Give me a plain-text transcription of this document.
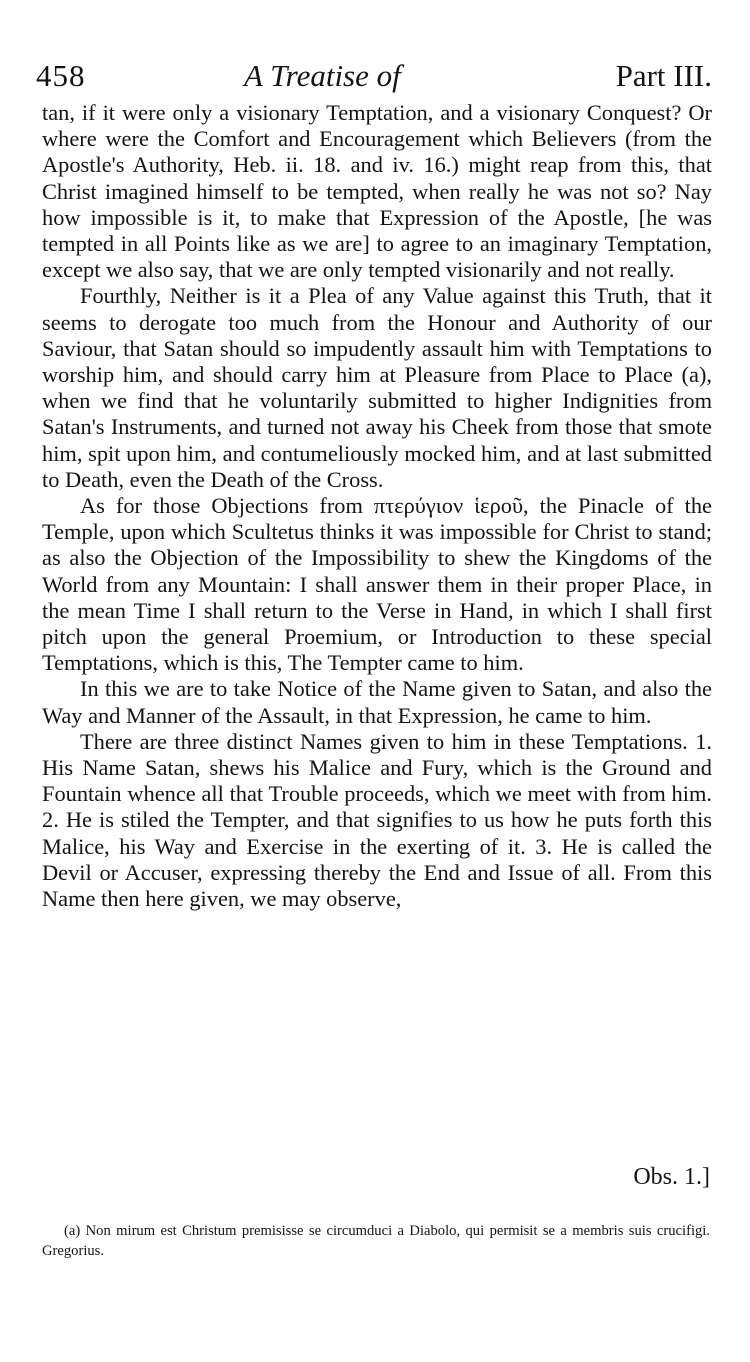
458	A Treatise of	Part III.

tan, if it were only a visionary Temptation, and a visionary Conquest? Or where were the Comfort and Encouragement which Believers (from the Apostle's Authority, Heb. ii. 18. and iv. 16.) might reap from this, that Christ imagined himself to be tempted, when really he was not so? Nay how impossible is it, to make that Expression of the Apostle, [he was tempted in all Points like as we are] to agree to an imaginary Temptation, except we also say, that we are only tempted visionarily and not really.

Fourthly, Neither is it a Plea of any Value against this Truth, that it seems to derogate too much from the Honour and Authority of our Saviour, that Satan should so impudently assault him with Temptations to worship him, and should carry him at Pleasure from Place to Place (a), when we find that he voluntarily submitted to higher Indignities from Satan's Instruments, and turned not away his Cheek from those that smote him, spit upon him, and contumeliously mocked him, and at last submitted to Death, even the Death of the Cross.

As for those Objections from πτερύγιον ἱεροῦ, the Pinacle of the Temple, upon which Scultetus thinks it was impossible for Christ to stand; as also the Objection of the Impossibility to shew the Kingdoms of the World from any Mountain: I shall answer them in their proper Place, in the mean Time I shall return to the Verse in Hand, in which I shall first pitch upon the general Proemium, or Introduction to these special Temptations, which is this, The Tempter came to him.

In this we are to take Notice of the Name given to Satan, and also the Way and Manner of the Assault, in that Expression, he came to him.

There are three distinct Names given to him in these Temptations. 1. His Name Satan, shews his Malice and Fury, which is the Ground and Fountain whence all that Trouble proceeds, which we meet with from him. 2. He is stiled the Tempter, and that signifies to us how he puts forth this Malice, his Way and Exercise in the exerting of it. 3. He is called the Devil or Accuser, expressing thereby the End and Issue of all. From this Name then here given, we may observe,

Obs. 1.]
(a) Non mirum est Christum premisisse se circumduci a Diabolo, qui permisit se a membris suis crucifigi. Gregorius.
